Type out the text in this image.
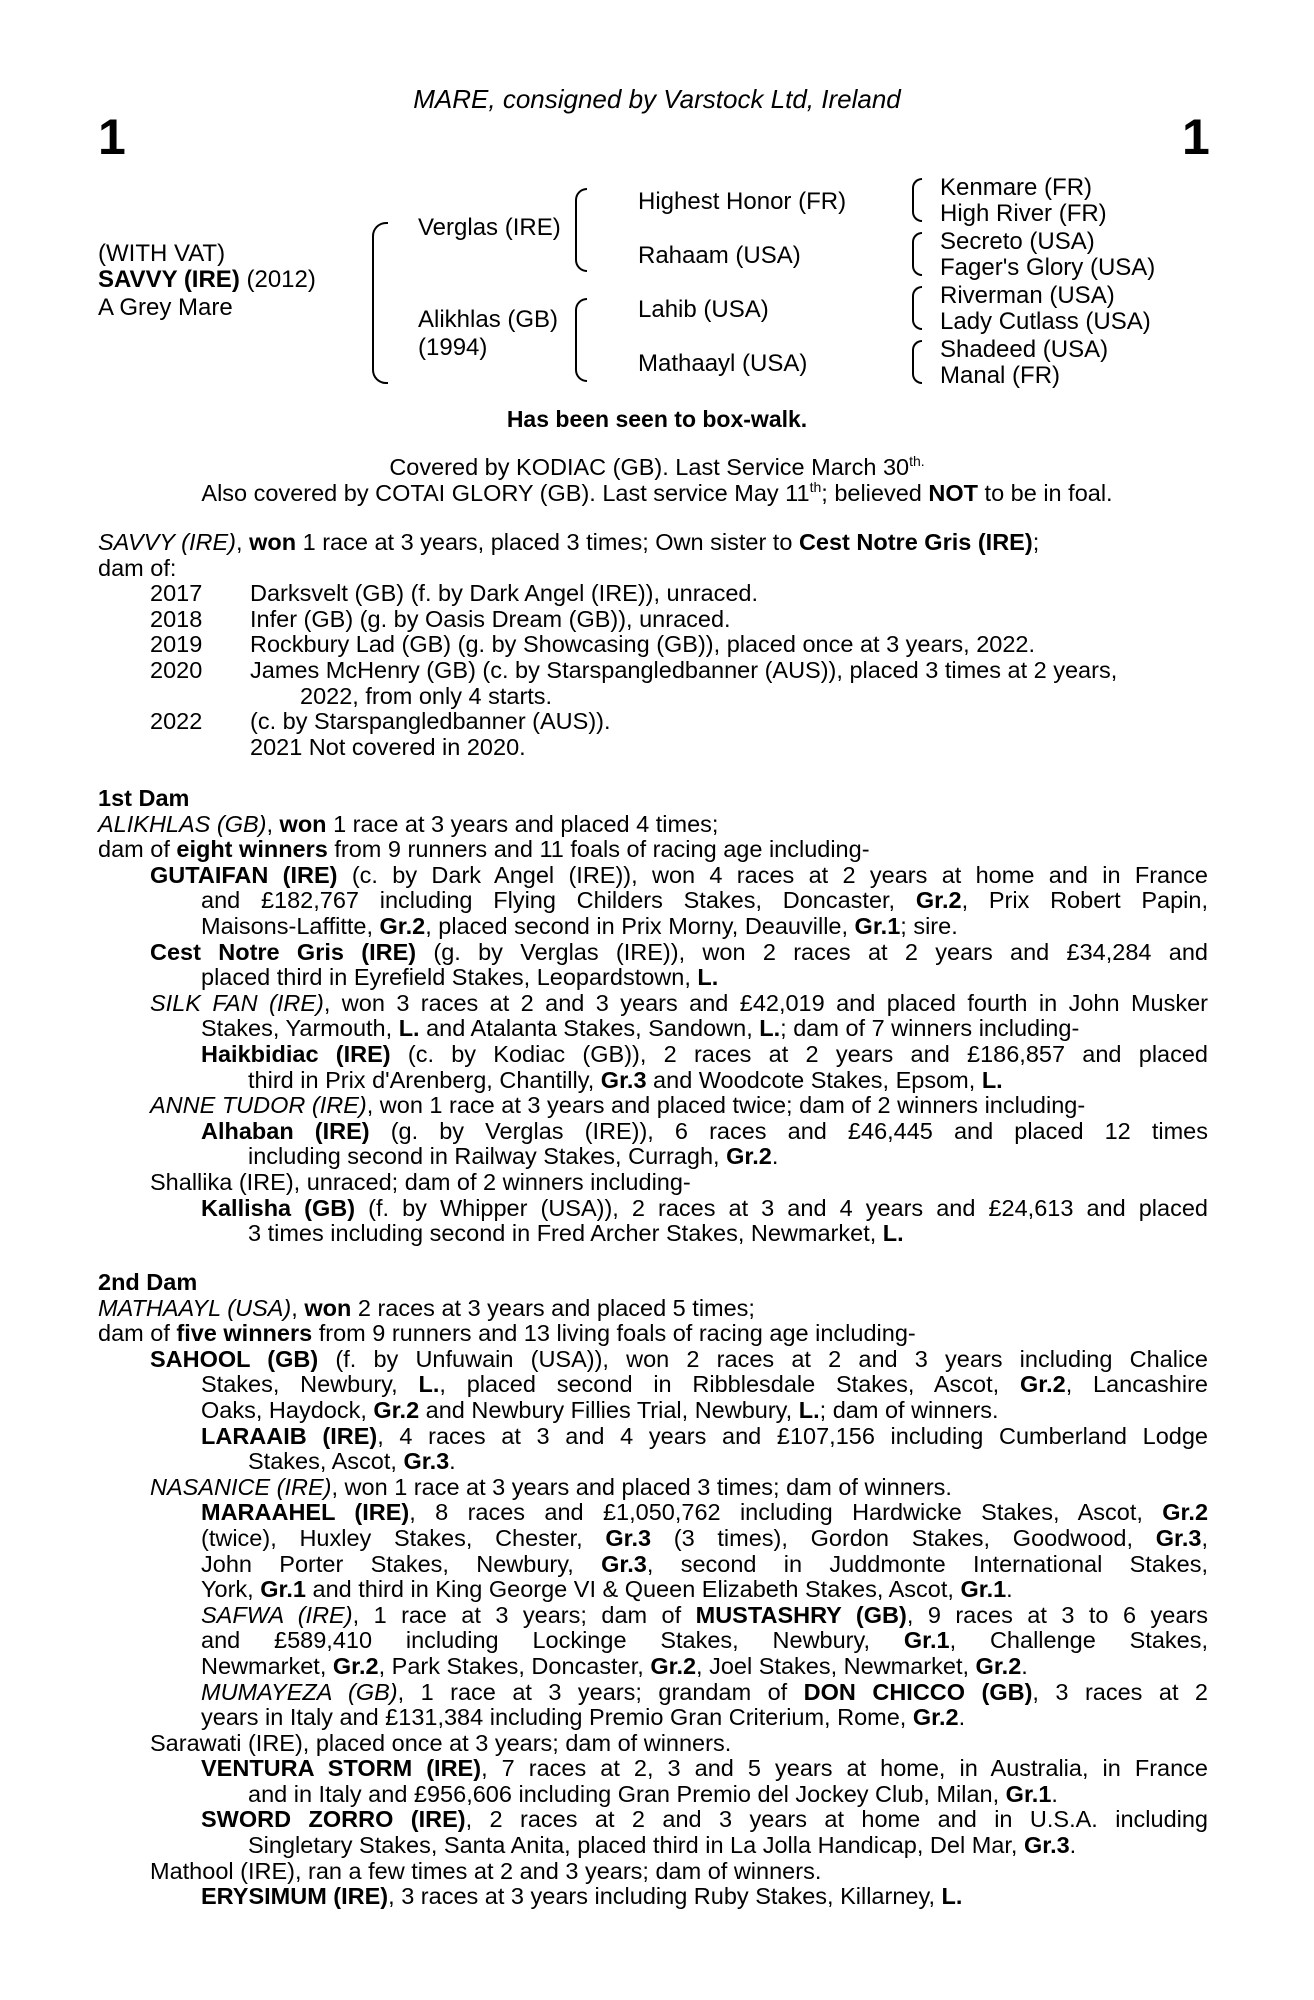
1	1
MARE, consigned by Varstock Ltd, Ireland
(WITH VAT)
SAVVY (IRE) (2012)
A Grey Mare
Verglas (IRE)
Alikhlas (GB)
(1994)
Highest Honor (FR)
Rahaam (USA)
Lahib (USA)
Mathaayl (USA)
Kenmare (FR)
High River (FR)
Secreto (USA)
Fager's Glory (USA)
Riverman (USA)
Lady Cutlass (USA)
Shadeed (USA)
Manal (FR)
Has been seen to box-walk.
Covered by KODIAC (GB). Last Service March $30^{th.}$
Also covered by COTAI GLORY (GB). Last service May 11th; believed NOT to be in foal.
SAVVY (IRE), won 1 race at 3 years, placed 3 times; Own sister to Cest Notre Gris (IRE);
dam of:
2017 Darksvelt (GB) (f. by Dark Angel (IRE)), unraced.
2018 Infer (GB) (g. by Oasis Dream (GB)), unraced.
2019 Rockbury Lad (GB) (g. by Showcasing (GB)), placed once at 3 years, 2022.
2020 James McHenry (GB) (c. by Starspangledbanner (AUS)), placed 3 times at 2 years,
2022, from only 4 starts.
2022 (c. by Starspangledbanner (AUS)).
2021 Not covered in 2020.
1st Dam
ALIKHLAS (GB), won 1 race at 3 years and placed 4 times;
dam of eight winners from 9 runners and 11 foals of racing age including-
GUTAIFAN (IRE) (c. by Dark Angel (IRE)), won 4 races at 2 years at home and in France
and £182,767 including Flying Childers Stakes, Doncaster, Gr.2, Prix Robert Papin,
Maisons-Laffitte, Gr.2, placed second in Prix Morny, Deauville, Gr.1; sire.
Cest Notre Gris (IRE) (g. by Verglas (IRE)), won 2 races at 2 years and £34,284 and
placed third in Eyrefield Stakes, Leopardstown, L.
SILK FAN (IRE), won 3 races at 2 and 3 years and £42,019 and placed fourth in John Musker
Stakes, Yarmouth, L. and Atalanta Stakes, Sandown, L.; dam of 7 winners including-
Haikbidiac (IRE) (c. by Kodiac (GB)), 2 races at 2 years and £186,857 and placed
third in Prix d'Arenberg, Chantilly, Gr.3 and Woodcote Stakes, Epsom, L.
ANNE TUDOR (IRE), won 1 race at 3 years and placed twice; dam of 2 winners including-
Alhaban (IRE) (g. by Verglas (IRE)), 6 races and £46,445 and placed 12 times
including second in Railway Stakes, Curragh, Gr.2.
Shallika (IRE), unraced; dam of 2 winners including-
Kallisha (GB) (f. by Whipper (USA)), 2 races at 3 and 4 years and £24,613 and placed
3 times including second in Fred Archer Stakes, Newmarket, L.
2nd Dam
MATHAAYL (USA), won 2 races at 3 years and placed 5 times;
dam of five winners from 9 runners and 13 living foals of racing age including-
SAHOOL (GB) (f. by Unfuwain (USA)), won 2 races at 2 and 3 years including Chalice
Stakes, Newbury, L., placed second in Ribblesdale Stakes, Ascot, Gr.2, Lancashire
Oaks, Haydock, Gr.2 and Newbury Fillies Trial, Newbury, L.; dam of winners.
LARAAIB (IRE), 4 races at 3 and 4 years and £107,156 including Cumberland Lodge
Stakes, Ascot, Gr.3.
NASANICE (IRE), won 1 race at 3 years and placed 3 times; dam of winners.
MARAAHEL (IRE), 8 races and £1,050,762 including Hardwicke Stakes, Ascot, Gr.2
(twice), Huxley Stakes, Chester, Gr.3 (3 times), Gordon Stakes, Goodwood, Gr.3,
John Porter Stakes, Newbury, Gr.3, second in Juddmonte International Stakes,
York, Gr.1 and third in King George VI & Queen Elizabeth Stakes, Ascot, Gr.1.
SAFWA (IRE), 1 race at 3 years; dam of MUSTASHRY (GB), 9 races at 3 to 6 years
and £589,410 including Lockinge Stakes, Newbury, Gr.1, Challenge Stakes,
Newmarket, Gr.2, Park Stakes, Doncaster, Gr.2, Joel Stakes, Newmarket, Gr.2.
MUMAYEZA (GB), 1 race at 3 years; grandam of DON CHICCO (GB), 3 races at 2
years in Italy and £131,384 including Premio Gran Criterium, Rome, Gr.2.
Sarawati (IRE), placed once at 3 years; dam of winners.
VENTURA STORM (IRE), 7 races at 2, 3 and 5 years at home, in Australia, in France
and in Italy and £956,606 including Gran Premio del Jockey Club, Milan, Gr.1.
SWORD ZORRO (IRE), 2 races at 2 and 3 years at home and in U.S.A. including
Singletary Stakes, Santa Anita, placed third in La Jolla Handicap, Del Mar, Gr.3.
Mathool (IRE), ran a few times at 2 and 3 years; dam of winners.
ERYSIMUM (IRE), 3 races at 3 years including Ruby Stakes, Killarney, L.
